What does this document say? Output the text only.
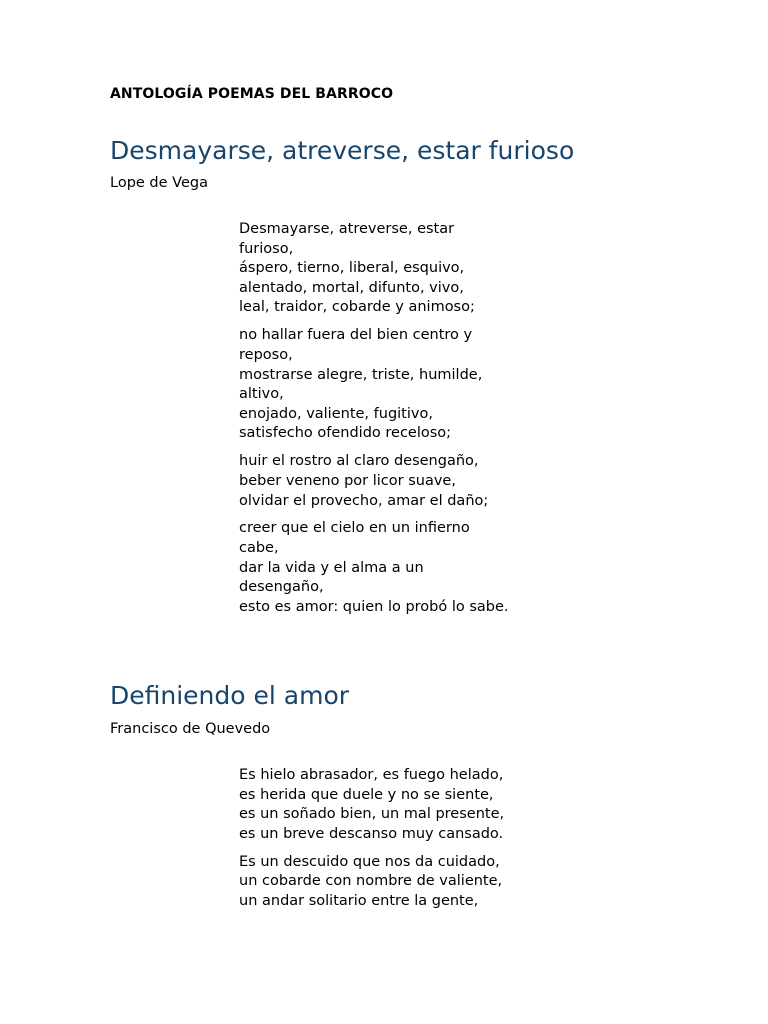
ANTOLOGÍA POEMAS DEL BARROCO
Desmayarse, atreverse, estar furioso
Lope de Vega
Desmayarse, atreverse, estar
furioso,
áspero, tierno, liberal, esquivo,
alentado, mortal, difunto, vivo,
leal, traidor, cobarde y animoso;
no hallar fuera del bien centro y
reposo,
mostrarse alegre, triste, humilde,
altivo,
enojado, valiente, fugitivo,
satisfecho ofendido receloso;
huir el rostro al claro desengaño,
beber veneno por licor suave,
olvidar el provecho, amar el daño;
creer que el cielo en un infierno
cabe,
dar la vida y el alma a un
desengaño,
esto es amor: quien lo probó lo sabe.
Definiendo el amor
Francisco de Quevedo
Es hielo abrasador, es fuego helado,
es herida que duele y no se siente,
es un soñado bien, un mal presente,
es un breve descanso muy cansado.
Es un descuido que nos da cuidado,
un cobarde con nombre de valiente,
un andar solitario entre la gente,
